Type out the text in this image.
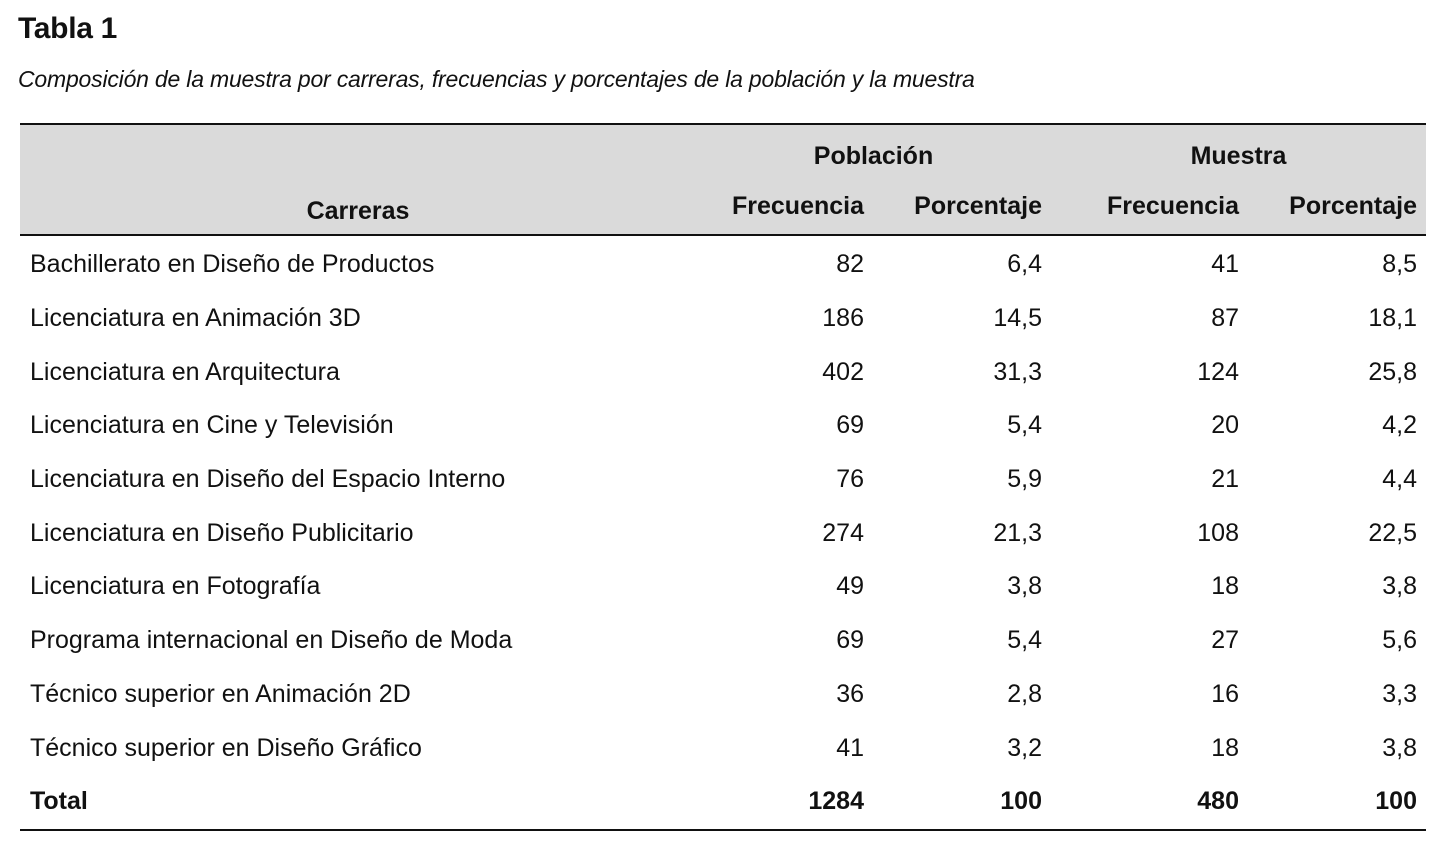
Tabla 1
Composición de la muestra por carreras, frecuencias y porcentajes de la población y la muestra
Carreras	Población		Muestra	
	Frecuencia	Porcentaje	Frecuencia	Porcentaje
Bachillerato en Diseño de Productos	82	6,4	41	8,5
Licenciatura en Animación 3D	186	14,5	87	18,1
Licenciatura en Arquitectura	402	31,3	124	25,8
Licenciatura en Cine y Televisión	69	5,4	20	4,2
Licenciatura en Diseño del Espacio Interno	76	5,9	21	4,4
Licenciatura en Diseño Publicitario	274	21,3	108	22,5
Licenciatura en Fotografía	49	3,8	18	3,8
Programa internacional en Diseño de Moda	69	5,4	27	5,6
Técnico superior en Animación 2D	36	2,8	16	3,3
Técnico superior en Diseño Gráfico	41	3,2	18	3,8
Total	1284	100	480	100
